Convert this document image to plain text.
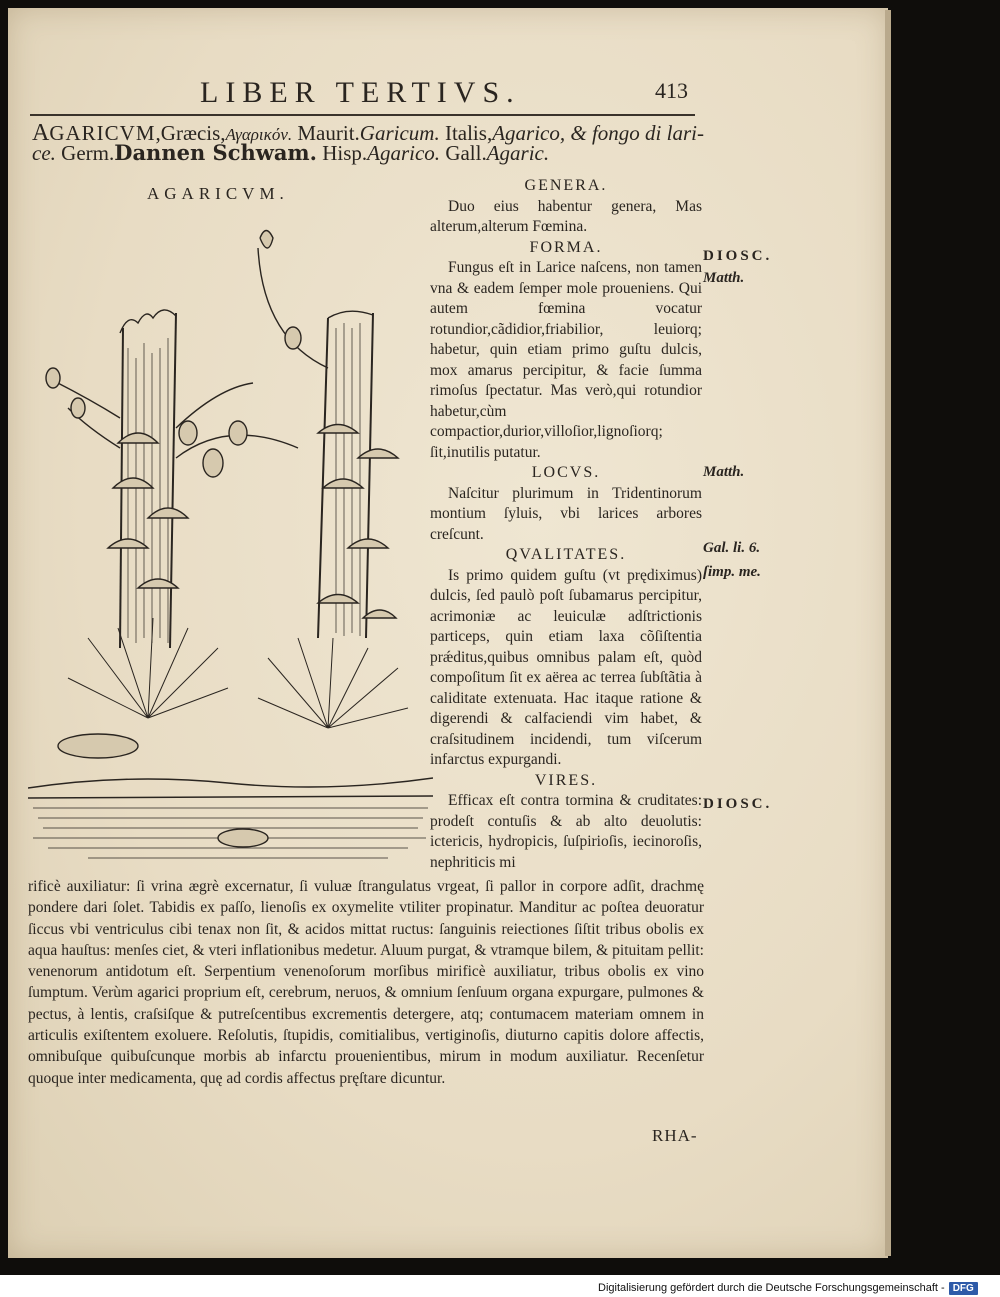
LIBER TERTIVS.	413
AGARICVM,Græcis,Αγαρικόν. Maurit.Garicum. Italis,Agarico, & fongo di lari-
ce. Germ.Dannen Schwam. Hisp.Agarico. Gall.Agaric.
AGARICVM.	GENERA.

Duo eius habentur genera, Mas alterum,alterum Fœmina.

FORMA.

Fungus eſt in Larice naſcens, non tamen vna & eadem ſemper mole proueniens. Qui autem fœmina vocatur rotundior,cãdidior,friabilior, leuiorq; habetur, quin etiam primo guſtu dulcis, mox amarus percipitur, & facie ſumma rimoſus ſpectatur. Mas verò,qui rotundior habetur,cùm compactior,durior,villoſior,lignoſiorq; ſit,inutilis putatur.

LOCVS.

Naſcitur plurimum in Tridentinorum montium ſyluis, vbi larices arbores creſcunt.

QVALITATES.

Is primo quidem guſtu (vt prędiximus) dulcis, ſed paulò poſt ſubamarus percipitur, acrimoniæ ac leuiculæ adſtrictionis particeps, quin etiam laxa cõſiſtentia prǽditus,quibus omnibus palam eſt, quòd compoſitum ſit ex aërea ac terrea ſubſtãtia à caliditate extenuata. Hac itaque ratione & digerendi & calfaciendi vim habet, & craſsitudinem incidendi, tum viſcerum infarctus expurgandi.

VIRES.

Efficax eſt contra tormina & cruditates: prodeſt contuſis & ab alto deuolutis: ictericis, hydropicis, ſuſpirioſis, iecinoroſis, nephriticis mi

DIOSC.
Matth.
Matth.
Gal. li. 6.
ſimp. me.
DIOSC.

rificè auxiliatur: ſi vrina ægrè excernatur, ſi vuluæ ſtrangulatus vrgeat, ſi pallor in corpore adſit, drachmę pondere dari ſolet. Tabidis ex paſſo, lienoſis ex oxymelite vtiliter propinatur. Manditur ac poſtea deuoratur ſiccus vbi ventriculus cibi tenax non ſit, & acidos mittat ructus: ſanguinis reiectiones ſiſtit tribus obolis ex aqua hauſtus: menſes ciet, & vteri inflationibus medetur. Aluum purgat, & vtramque bilem, & pituitam pellit: venenorum antidotum eſt. Serpentium venenoſorum morſibus mirificè auxiliatur, tribus obolis ex vino ſumptum. Verùm agarici proprium eſt, cerebrum, neruos, & omnium ſenſuum organa expurgare, pulmones & pectus, à lentis, craſsiſque & putreſcentibus excrementis detergere, atq; contumacem materiam omnem in articulis exiſtentem exoluere. Reſolutis, ſtupidis, comitialibus, vertiginoſis, diuturno capitis dolore affectis, omnibuſque quibuſcunque morbis ab infarctu prouenientibus, mirum in modum auxiliatur. Recenſetur quoque inter medicamenta, quę ad cordis affectus pręſtare dicuntur.

RHA-
Digitalisierung gefördert durch die Deutsche Forschungsgemeinschaft - DFG
